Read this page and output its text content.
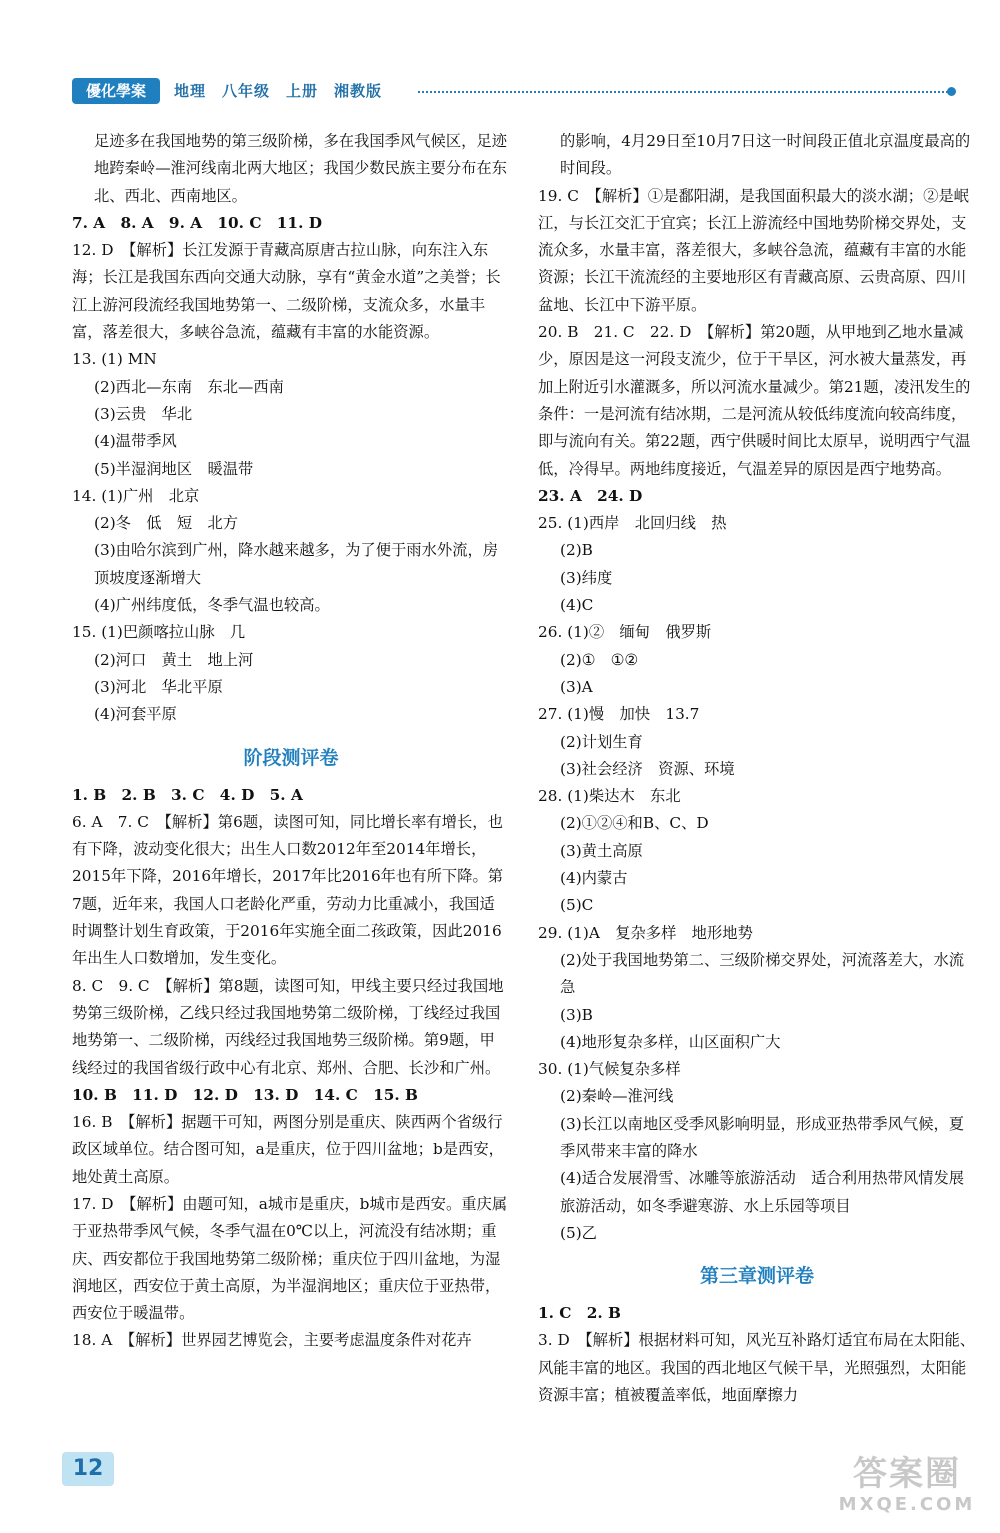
優化學案	地理　八年级　上册　湘教版

足迹多在我国地势的第三级阶梯，多在我国季风气候区，足迹地跨秦岭—淮河线南北两大地区；我国少数民族主要分布在东北、西北、西南地区。

7. A　8. A　9. A　10. C　11. D

12. D　【解析】长江发源于青藏高原唐古拉山脉，向东注入东海；长江是我国东西向交通大动脉，享有“黄金水道”之美誉；长江上游河段流经我国地势第一、二级阶梯，支流众多，水量丰富，落差很大，多峡谷急流，蕴藏有丰富的水能资源。

13. (1) MN

(2)西北—东南　东北—西南

(3)云贵　华北

(4)温带季风

(5)半湿润地区　暖温带

14. (1)广州　北京

(2)冬　低　短　北方

(3)由哈尔滨到广州，降水越来越多，为了便于雨水外流，房顶坡度逐渐增大

(4)广州纬度低，冬季气温也较高。

15. (1)巴颜喀拉山脉　几

(2)河口　黄土　地上河

(3)河北　华北平原

(4)河套平原

阶段测评卷

1. B　2. B　3. C　4. D　5. A

6. A　7. C　【解析】第6题，读图可知，同比增长率有增长，也有下降，波动变化很大；出生人口数2012年至2014年增长，2015年下降，2016年增长，2017年比2016年也有所下降。第7题，近年来，我国人口老龄化严重，劳动力比重减小，我国适时调整计划生育政策，于2016年实施全面二孩政策，因此2016年出生人口数增加，发生变化。

8. C　9. C　【解析】第8题，读图可知，甲线主要只经过我国地势第三级阶梯，乙线只经过我国地势第二级阶梯，丁线经过我国地势第一、二级阶梯，丙线经过我国地势三级阶梯。第9题，甲线经过的我国省级行政中心有北京、郑州、合肥、长沙和广州。

10. B　11. D　12. D　13. D　14. C　15. B

16. B　【解析】据题干可知，两图分别是重庆、陕西两个省级行政区域单位。结合图可知，a是重庆，位于四川盆地；b是西安，地处黄土高原。

17. D　【解析】由题可知，a城市是重庆，b城市是西安。重庆属于亚热带季风气候，冬季气温在0℃以上，河流没有结冰期；重庆、西安都位于我国地势第二级阶梯；重庆位于四川盆地，为湿润地区，西安位于黄土高原，为半湿润地区；重庆位于亚热带，西安位于暖温带。

18. A　【解析】世界园艺博览会，主要考虑温度条件对花卉

的影响，4月29日至10月7日这一时间段正值北京温度最高的时间段。

19. C　【解析】①是鄱阳湖，是我国面积最大的淡水湖；②是岷江，与长江交汇于宜宾；长江上游流经中国地势阶梯交界处，支流众多，水量丰富，落差很大，多峡谷急流，蕴藏有丰富的水能资源；长江干流流经的主要地形区有青藏高原、云贵高原、四川盆地、长江中下游平原。

20. B　21. C　22. D　【解析】第20题，从甲地到乙地水量减少，原因是这一河段支流少，位于干旱区，河水被大量蒸发，再加上附近引水灌溉多，所以河流水量减少。第21题，凌汛发生的条件：一是河流有结冰期，二是河流从较低纬度流向较高纬度，即与流向有关。第22题，西宁供暖时间比太原早，说明西宁气温低，冷得早。两地纬度接近，气温差异的原因是西宁地势高。

23. A　24. D

25. (1)西岸　北回归线　热

(2)B

(3)纬度

(4)C

26. (1)②　缅甸　俄罗斯

(2)①　①②

(3)A

27. (1)慢　加快　13.7

(2)计划生育

(3)社会经济　资源、环境

28. (1)柴达木　东北

(2)①②④和B、C、D

(3)黄土高原

(4)内蒙古

(5)C

29. (1)A　复杂多样　地形地势

(2)处于我国地势第二、三级阶梯交界处，河流落差大，水流急

(3)B

(4)地形复杂多样，山区面积广大

30. (1)气候复杂多样

(2)秦岭—淮河线

(3)长江以南地区受季风影响明显，形成亚热带季风气候，夏季风带来丰富的降水

(4)适合发展滑雪、冰雕等旅游活动　适合利用热带风情发展旅游活动，如冬季避寒游、水上乐园等项目

(5)乙

第三章测评卷

1. C　2. B

3. D　【解析】根据材料可知，风光互补路灯适宜布局在太阳能、风能丰富的地区。我国的西北地区气候干旱，光照强烈，太阳能资源丰富；植被覆盖率低，地面摩擦力

12	答案圈
MXQE.COM
